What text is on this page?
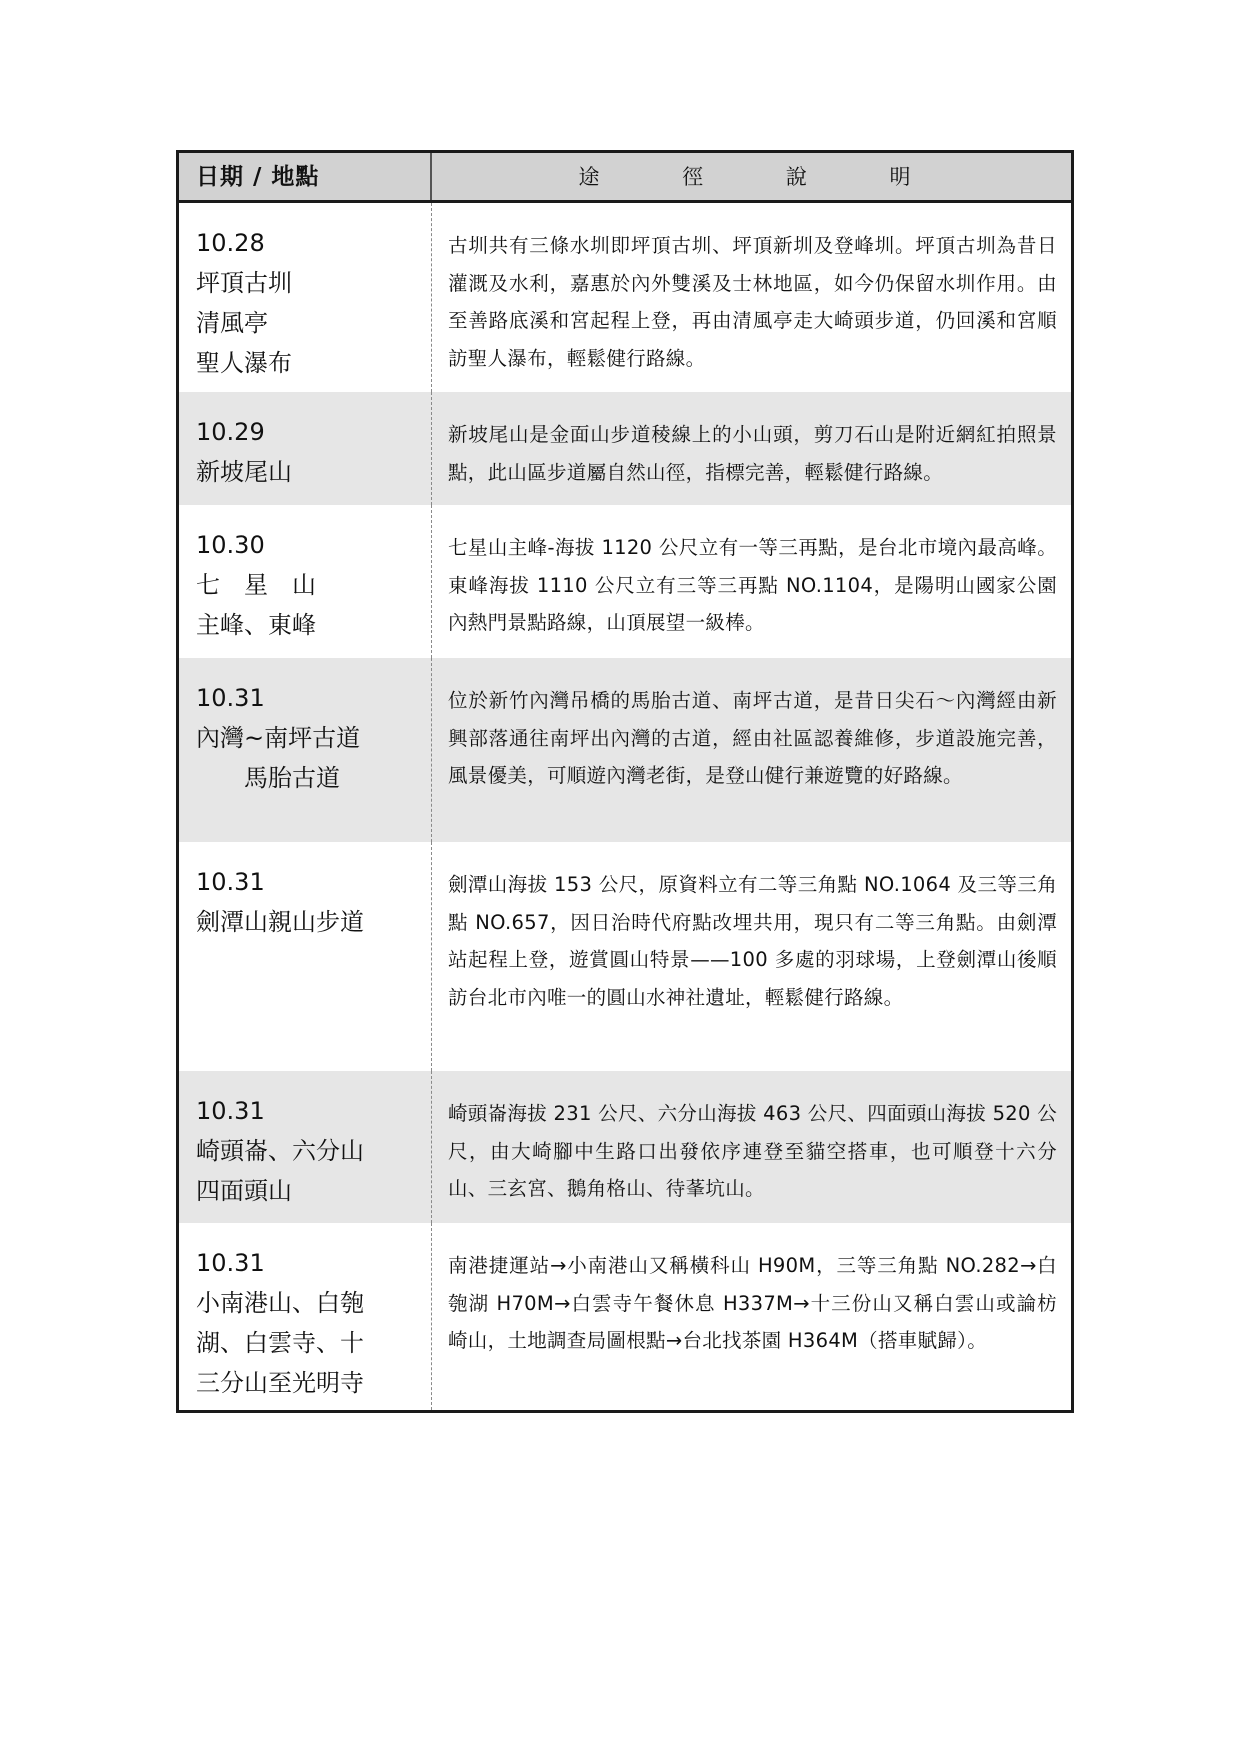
日期 / 地點	途 徑 說 明
10.28
坪頂古圳
清風亭
聖人瀑布
古圳共有三條水圳即坪頂古圳、坪頂新圳及登峰圳。坪頂古圳為昔日灌溉及水利，嘉惠於內外雙溪及士林地區，如今仍保留水圳作用。由至善路底溪和宮起程上登，再由清風亭走大崎頭步道，仍回溪和宮順訪聖人瀑布，輕鬆健行路線。
10.29
新坡尾山
新坡尾山是金面山步道稜線上的小山頭，剪刀石山是附近網紅拍照景點，此山區步道屬自然山徑，指標完善，輕鬆健行路線。
10.30
七　星　山
主峰、東峰
七星山主峰-海拔 1120 公尺立有一等三再點，是台北市境內最高峰。東峰海拔 1110 公尺立有三等三再點 NO.1104，是陽明山國家公園內熱門景點路線，山頂展望一級棒。
10.31
內灣~南坪古道
　　馬胎古道
位於新竹內灣吊橋的馬胎古道、南坪古道，是昔日尖石～內灣經由新興部落通往南坪出內灣的古道，經由社區認養維修，步道設施完善，風景優美，可順遊內灣老街，是登山健行兼遊覽的好路線。
10.31
劍潭山親山步道
劍潭山海拔 153 公尺，原資料立有二等三角點 NO.1064 及三等三角點 NO.657，因日治時代府點改埋共用，現只有二等三角點。由劍潭站起程上登，遊賞圓山特景——100 多處的羽球場，上登劍潭山後順訪台北市內唯一的圓山水神社遺址，輕鬆健行路線。
10.31
崎頭崙、六分山
四面頭山
崎頭崙海拔 231 公尺、六分山海拔 463 公尺、四面頭山海拔 520 公尺，由大崎腳中生路口出發依序連登至貓空搭車，也可順登十六分山、三玄宮、鵝角格山、待莑坑山。
10.31
小南港山、白匏
湖、白雲寺、十
三分山至光明寺
南港捷運站→小南港山又稱橫科山 H90M，三等三角點 NO.282→白匏湖 H70M→白雲寺午餐休息 H337M→十三份山又稱白雲山或論枋崎山，土地調查局圖根點→台北找茶園 H364M（搭車賦歸）。
